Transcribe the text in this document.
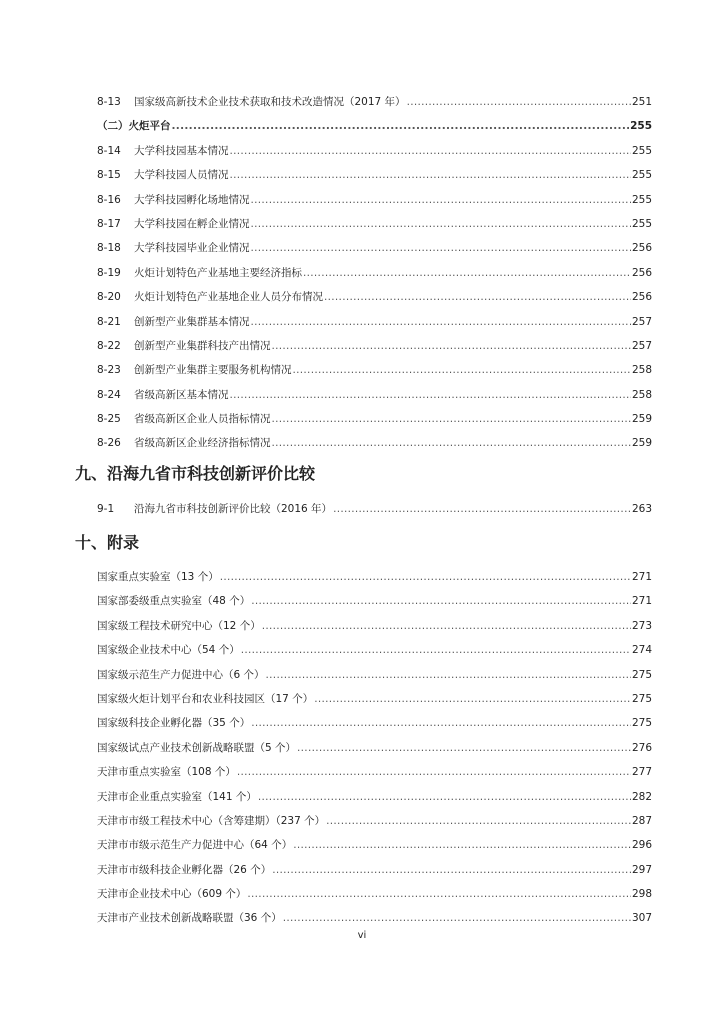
8-13	国家级高新技术企业技术获取和技术改造情况（2017 年） .....	251
（二）火炬平台 .....	255
8-14	大学科技园基本情况 .....	255
8-15	大学科技园人员情况 .....	255
8-16	大学科技园孵化场地情况 .....	255
8-17	大学科技园在孵企业情况 .....	255
8-18	大学科技园毕业企业情况 .....	256
8-19	火炬计划特色产业基地主要经济指标 .....	256
8-20	火炬计划特色产业基地企业人员分布情况 .....	256
8-21	创新型产业集群基本情况 .....	257
8-22	创新型产业集群科技产出情况 .....	257
8-23	创新型产业集群主要服务机构情况 .....	258
8-24	省级高新区基本情况 .....	258
8-25	省级高新区企业人员指标情况 .....	259
8-26	省级高新区企业经济指标情况 .....	259
九、沿海九省市科技创新评价比较
9-1	沿海九省市科技创新评价比较（2016 年） .....	263
十、附录
国家重点实验室（13 个） .....	271
国家部委级重点实验室（48 个） .....	271
国家级工程技术研究中心（12 个） .....	273
国家级企业技术中心（54 个） .....	274
国家级示范生产力促进中心（6 个） .....	275
国家级火炬计划平台和农业科技园区（17 个） .....	275
国家级科技企业孵化器（35 个） .....	275
国家级试点产业技术创新战略联盟（5 个） .....	276
天津市重点实验室（108 个） .....	277
天津市企业重点实验室（141 个） .....	282
天津市市级工程技术中心（含筹建期）（237 个） .....	287
天津市市级示范生产力促进中心（64 个） .....	296
天津市市级科技企业孵化器（26 个） .....	297
天津市企业技术中心（609 个） .....	298
天津市产业技术创新战略联盟（36 个） .....	307
vi
